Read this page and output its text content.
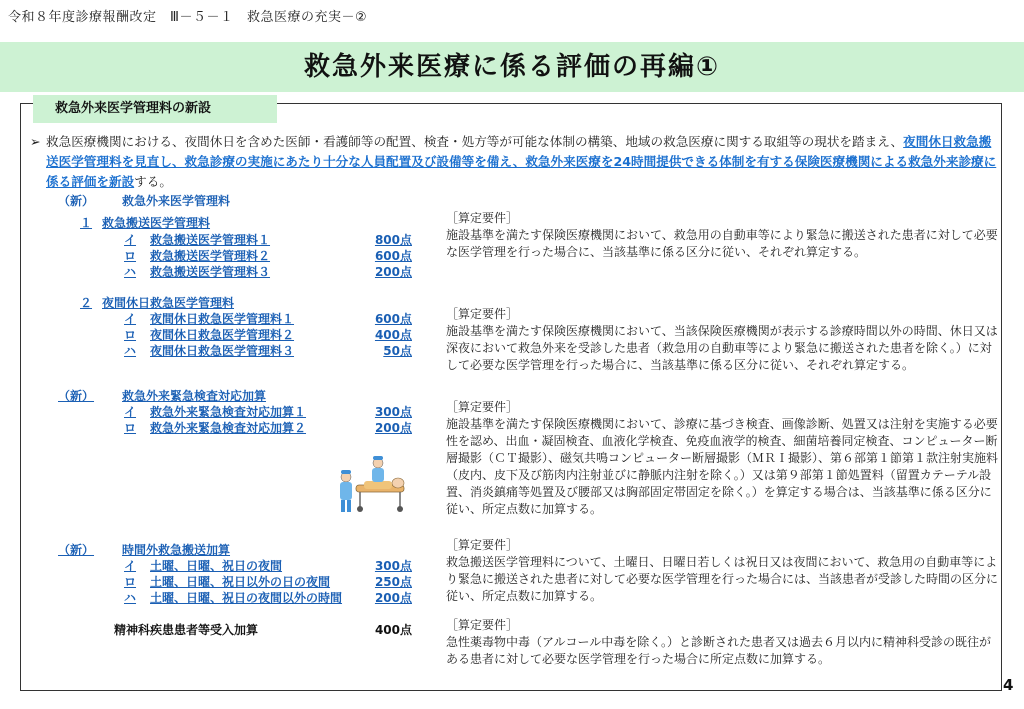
令和８年度診療報酬改定　Ⅲ－５－１　救急医療の充実－②
救急外来医療に係る評価の再編①
救急外来医学管理料の新設
➢ 救急医療機関における、夜間休日を含めた医師・看護師等の配置、検査・処方等が可能な体制の構築、地域の救急医療に関する取組等の現状を踏まえ、夜間休日救急搬送医学管理料を見直し、救急診療の実施にあたり十分な人員配置及び設備等を備え、救急外来医療を24時間提供できる体制を有する保険医療機関による救急外来診療に係る評価を新設する。

（新） 救急外来医学管理料
１ 救急搬送医学管理料
イ 救急搬送医学管理料１	800点
ロ 救急搬送医学管理料２	600点
ハ 救急搬送医学管理料３	200点
［算定要件］
施設基準を満たす保険医療機関において、救急用の自動車等により緊急に搬送された患者に対して必要な医学管理を行った場合に、当該基準に係る区分に従い、それぞれ算定する。
２ 夜間休日救急医学管理料
イ 夜間休日救急医学管理料１	600点
ロ 夜間休日救急医学管理料２	400点
ハ 夜間休日救急医学管理料３	50点
［算定要件］
施設基準を満たす保険医療機関において、当該保険医療機関が表示する診療時間以外の時間、休日又は深夜において救急外来を受診した患者（救急用の自動車等により緊急に搬送された患者を除く。）に対して必要な医学管理を行った場合に、当該基準に係る区分に従い、それぞれ算定する。
（新） 救急外来緊急検査対応加算
イ 救急外来緊急検査対応加算１	300点
ロ 救急外来緊急検査対応加算２	200点
［算定要件］
施設基準を満たす保険医療機関において、診療に基づき検査、画像診断、処置又は注射を実施する必要性を認め、出血・凝固検査、血液化学検査、免疫血液学的検査、細菌培養同定検査、コンピューター断層撮影（ＣＴ撮影）、磁気共鳴コンピューター断層撮影（ＭＲＩ撮影）、第６部第１節第１款注射実施料（皮内、皮下及び筋肉内注射並びに静脈内注射を除く。）又は第９部第１節処置料（留置カテーテル設置、消炎鎮痛等処置及び腰部又は胸部固定帯固定を除く。）を算定する場合は、当該基準に係る区分に従い、所定点数に加算する。
（新） 時間外救急搬送加算
イ 土曜、日曜、祝日の夜間	300点
ロ 土曜、日曜、祝日以外の日の夜間	250点
ハ 土曜、日曜、祝日の夜間以外の時間	200点
［算定要件］
救急搬送医学管理料について、土曜日、日曜日若しくは祝日又は夜間において、救急用の自動車等により緊急に搬送された患者に対して必要な医学管理を行った場合には、当該患者が受診した時間の区分に従い、所定点数に加算する。
精神科疾患患者等受入加算	400点	［算定要件］
急性薬毒物中毒（アルコール中毒を除く。）と診断された患者又は過去６月以内に精神科受診の既往がある患者に対して必要な医学管理を行った場合に所定点数に加算する。
4
